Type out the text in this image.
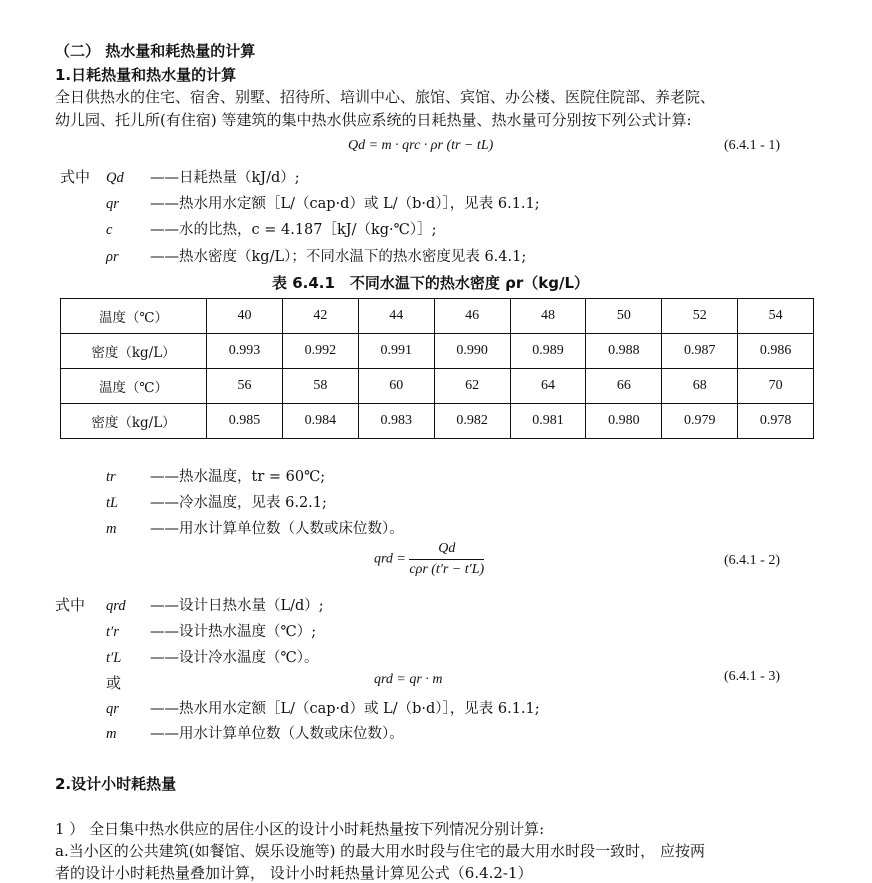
（二） 热水量和耗热量的计算
1.日耗热量和热水量的计算
全日供热水的住宅、宿舍、别墅、招待所、培训中心、旅馆、宾馆、办公楼、医院住院部、养老院、
幼儿园、托儿所(有住宿) 等建筑的集中热水供应系统的日耗热量、热水量可分别按下列公式计算:
Qd = m · qrc · ρr (tr − tL)	(6.4.1 - 1)
式中 Qd ——日耗热量（kJ/d）;
qr ——热水用水定额［L/（cap·d）或 L/（b·d）］，见表 6.1.1;
c	——水的比热，c = 4.187［kJ/（kg·℃）］;
ρr ——热水密度（kg/L）；不同水温下的热水密度见表 6.4.1;
表 6.4.1　不同水温下的热水密度 ρr（kg/L）
温度（℃）	40	42	44	46	48	50	52	54
密度（kg/L）	0.993	0.992	0.991	0.990	0.989	0.988	0.987	0.986
温度（℃）	56	58	60	62	64	66	68	70
密度（kg/L）	0.985	0.984	0.983	0.982	0.981	0.980	0.979	0.978
tr ——热水温度，tr = 60℃;
tL ——冷水温度，见表 6.2.1;
m ——用水计算单位数（人数或床位数）。
qrd = $\frac{Qd}{\text{cρr (t′r − t′L)}}$	(6.4.1 - 2)
式中 qrd ——设计日热水量（L/d）;
t′r ——设计热水温度（℃）;
t′L ——设计冷水温度（℃）。
或	qrd = qr · m	(6.4.1 - 3)
qr ——热水用水定额［L/（cap·d）或 L/（b·d）］，见表 6.1.1;
m ——用水计算单位数（人数或床位数）。
2.设计小时耗热量
1 ） 全日集中热水供应的居住小区的设计小时耗热量按下列情况分别计算:
a.当小区的公共建筑(如餐馆、娱乐设施等) 的最大用水时段与住宅的最大用水时段一致时， 应按两
者的设计小时耗热量叠加计算， 设计小时耗热量计算见公式（6.4.2-1）
